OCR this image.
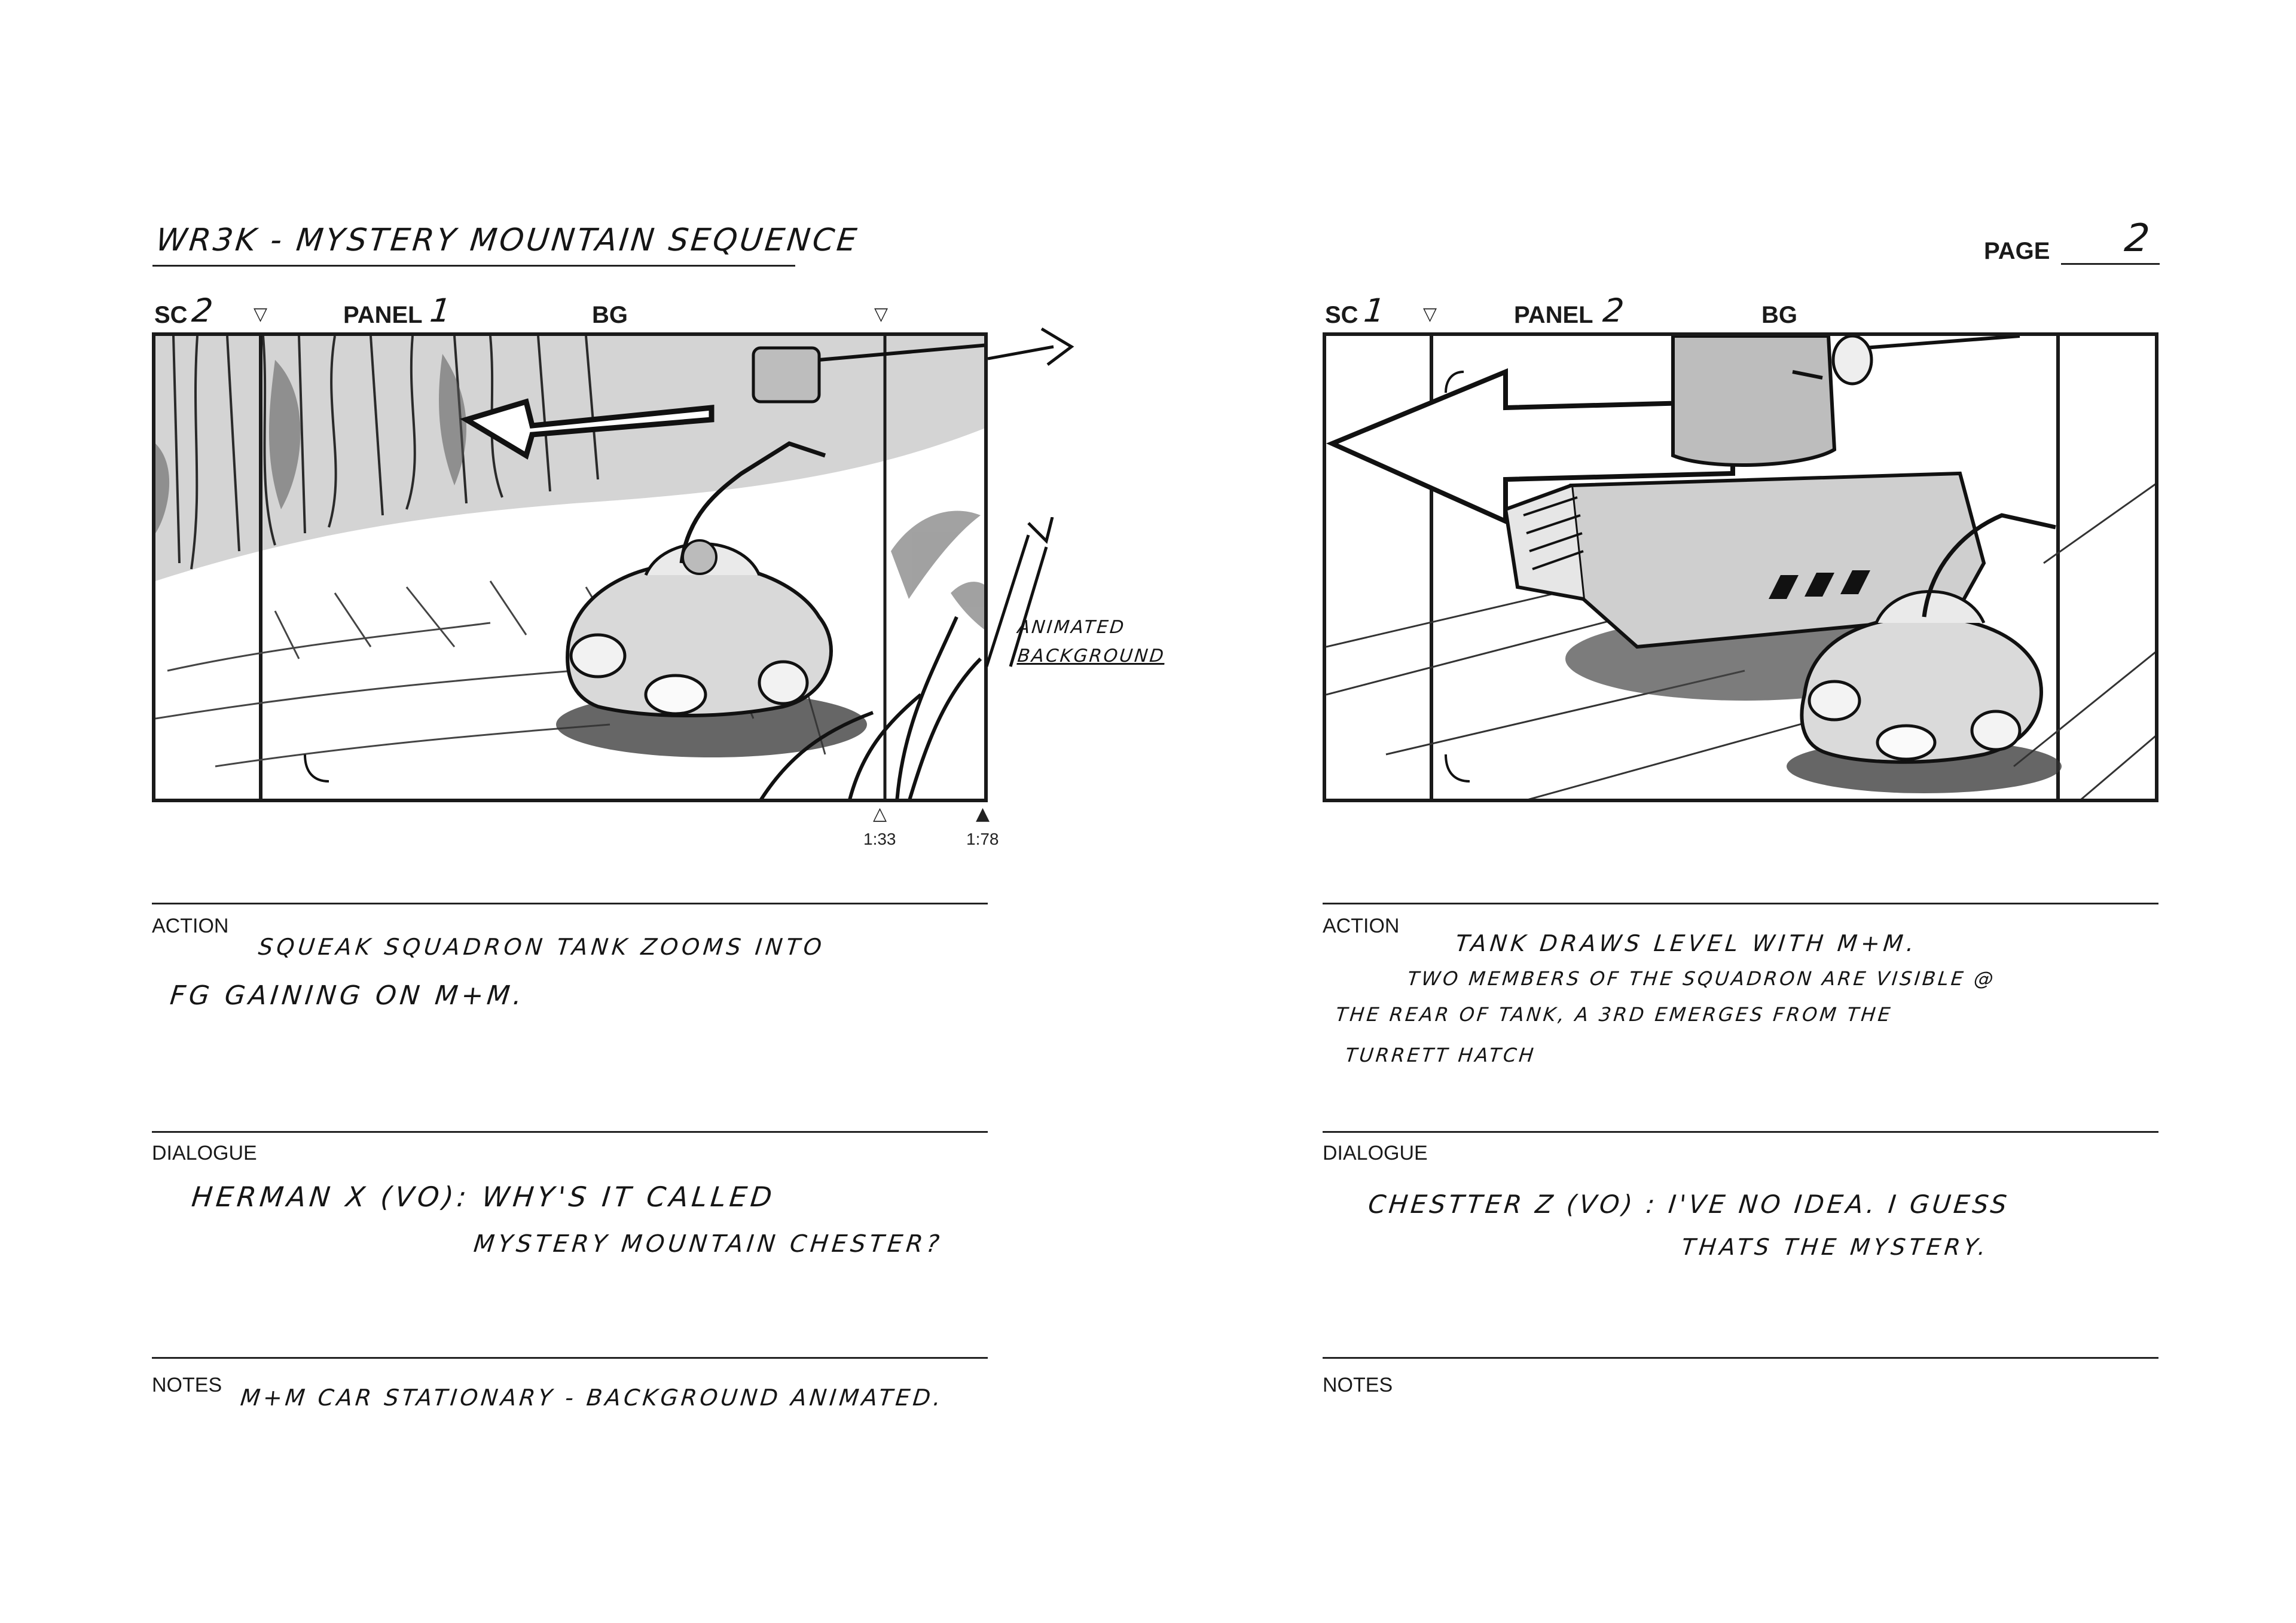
WR3K - MYSTERY MOUNTAIN SEQUENCE	PAGE 2
SC 2 ▽	PANEL 1	BG	▽
ANIMATED
BACKGROUND
△
1:33
▲
1:78
ACTION
SQUEAK SQUADRON TANK ZOOMS INTO
FG GAINING ON M+M.
DIALOGUE
HERMAN X (VO): WHY'S IT CALLED
MYSTERY MOUNTAIN CHESTER?
NOTES M+M CAR STATIONARY - BACKGROUND ANIMATED.
SC 1 ▽	PANEL 2	BG
ACTION
TANK DRAWS LEVEL WITH M+M.
TWO MEMBERS OF THE SQUADRON ARE VISIBLE @
THE REAR OF TANK, A 3RD EMERGES FROM THE
TURRETT HATCH
DIALOGUE
CHESTTER Z (VO) : I'VE NO IDEA. I GUESS
THATS THE MYSTERY.
NOTES
